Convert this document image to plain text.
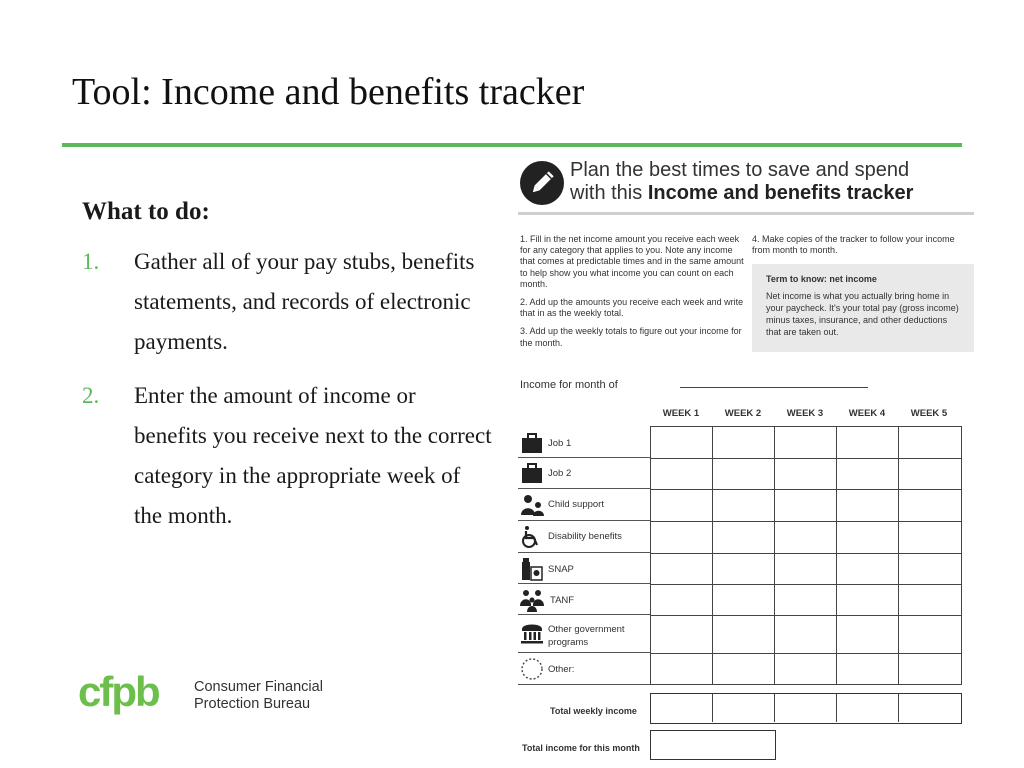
Tool: Income and benefits tracker
What to do:
1.	Gather all of your pay stubs, benefits statements, and records of electronic payments.
2.	Enter the amount of income or benefits you receive next to the correct category in the appropriate week of the month.
cfpb Consumer Financial
Protection Bureau
Plan the best times to save and spend
with this Income and benefits tracker

1. Fill in the net income amount you receive each week for any category that applies to you. Note any income that comes at predictable times and in the same amount to help show you what income you can count on each month.

2. Add up the amounts you receive each week and write that in as the weekly total.

3. Add up the weekly totals to figure out your income for the month.

4. Make copies of the tracker to follow your income from month to month.
Term to know: net income
Net income is what you actually bring home in your paycheck. It's your total pay (gross income) minus taxes, insurance, and other deductions that are taken out.
Income for month of
WEEK 1	WEEK 2	WEEK 3	WEEK 4	WEEK 5
Job 1
Job 2
Child support
Disability benefits
SNAP
TANF
Other government programs
Other:
Total weekly income
Total income for this month
